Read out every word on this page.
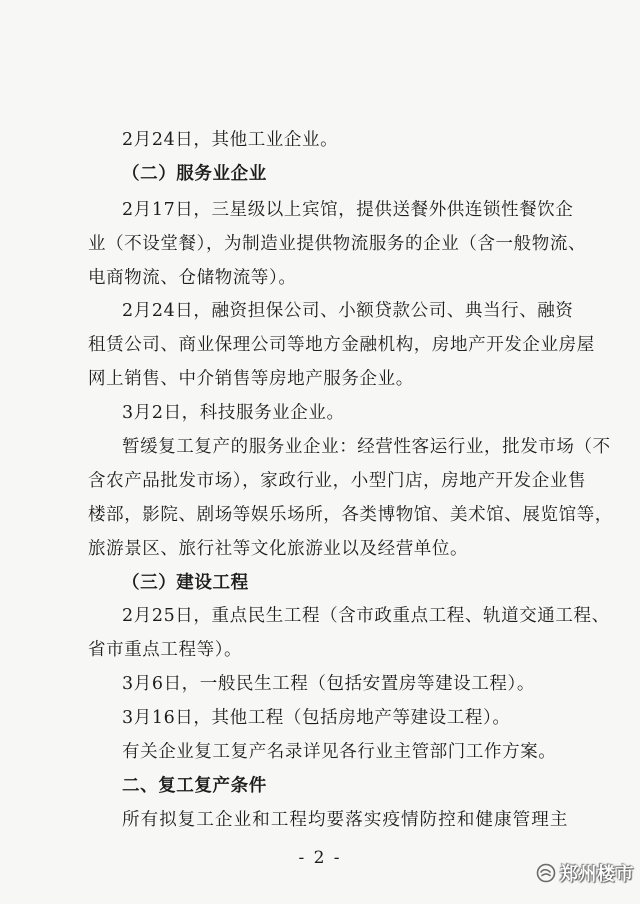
2月24日，其他工业企业。
（二）服务业企业
2月17日，三星级以上宾馆，提供送餐外供连锁性餐饮企
业（不设堂餐），为制造业提供物流服务的企业（含一般物流、
电商物流、仓储物流等）。
2月24日，融资担保公司、小额贷款公司、典当行、融资
租赁公司、商业保理公司等地方金融机构，房地产开发企业房屋
网上销售、中介销售等房地产服务企业。
3月2日，科技服务业企业。
暂缓复工复产的服务业企业：经营性客运行业，批发市场（不
含农产品批发市场），家政行业，小型门店，房地产开发企业售
楼部，影院、剧场等娱乐场所，各类博物馆、美术馆、展览馆等，
旅游景区、旅行社等文化旅游业以及经营单位。
（三）建设工程
2月25日，重点民生工程（含市政重点工程、轨道交通工程、
省市重点工程等）。
3月6日，一般民生工程（包括安置房等建设工程）。
3月16日，其他工程（包括房地产等建设工程）。
有关企业复工复产名录详见各行业主管部门工作方案。
二、复工复产条件
所有拟复工企业和工程均要落实疫情防控和健康管理主
- 2 -
郑州楼市
